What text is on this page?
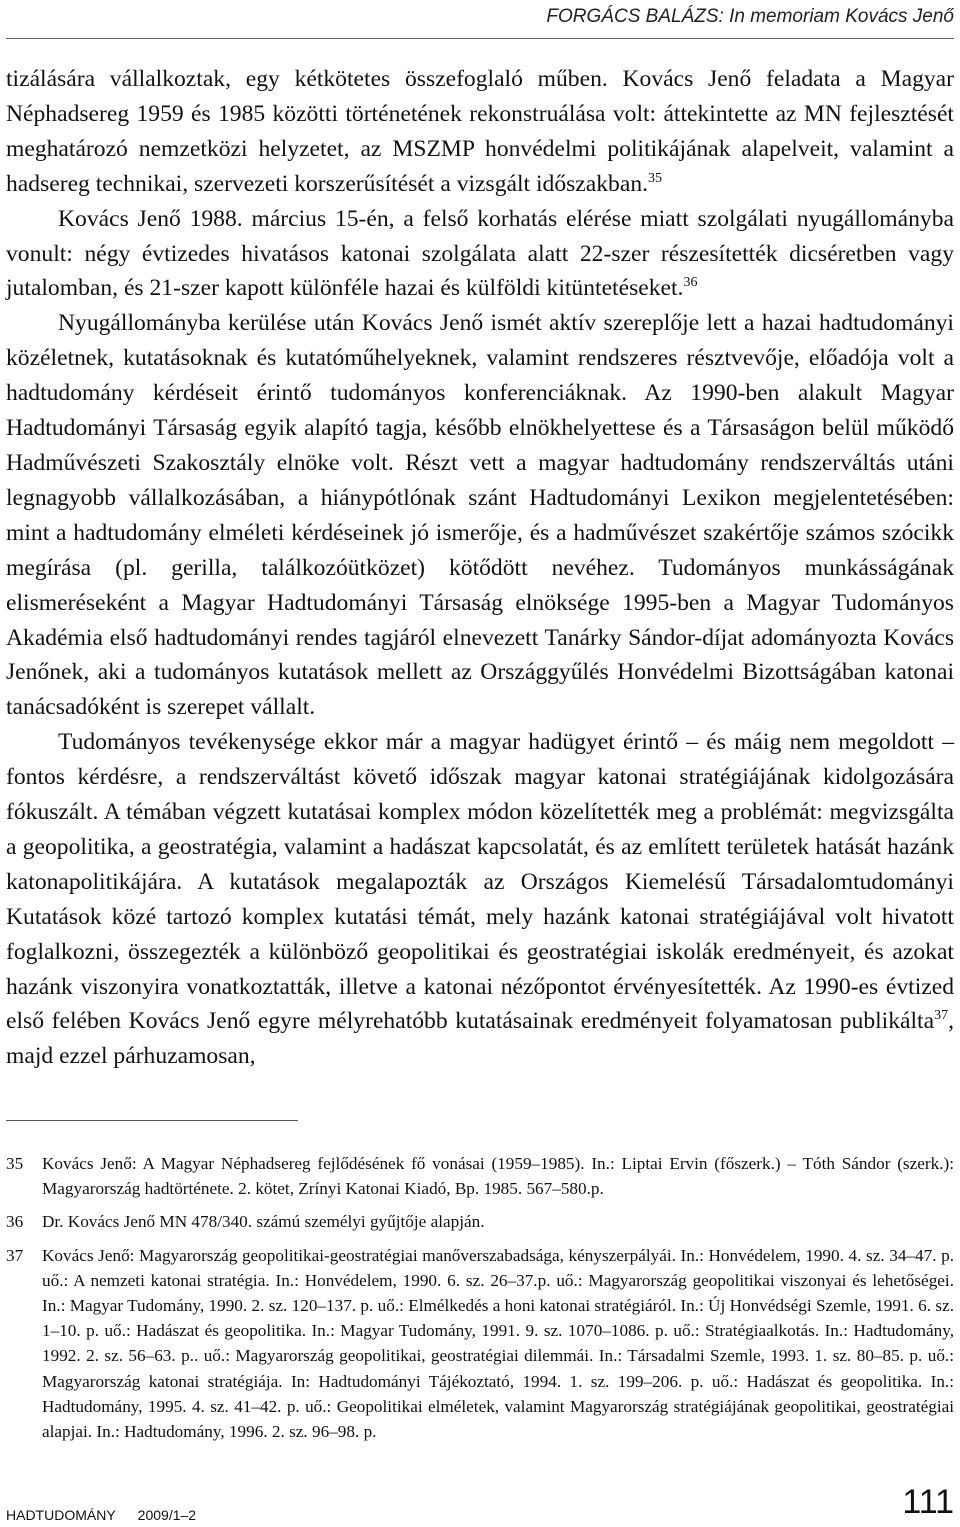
FORGÁCS BALÁZS: In memoriam Kovács Jenő

tizálására vállalkoztak, egy kétkötetes összefoglaló műben. Kovács Jenő feladata a Magyar Néphadsereg 1959 és 1985 közötti történetének rekonstruálása volt: áttekintette az MN fejlesztését meghatározó nemzetközi helyzetet, az MSZMP honvédelmi politikájának alapelveit, valamint a hadsereg technikai, szervezeti korszerűsítését a vizsgált időszakban.$^{35}$

Kovács Jenő 1988. március 15-én, a felső korhatás elérése miatt szolgálati nyugállományba vonult: négy évtizedes hivatásos katonai szolgálata alatt 22-szer részesítették dicséretben vagy jutalomban, és 21-szer kapott különféle hazai és külföldi kitüntetéseket.$^{36}$

Nyugállományba kerülése után Kovács Jenő ismét aktív szereplője lett a hazai hadtudományi közéletnek, kutatásoknak és kutatóműhelyeknek, valamint rendszeres résztvevője, előadója volt a hadtudomány kérdéseit érintő tudományos konferenciáknak. Az 1990-ben alakult Magyar Hadtudományi Társaság egyik alapító tagja, később elnökhelyettese és a Társaságon belül működő Hadművészeti Szakosztály elnöke volt. Részt vett a magyar hadtudomány rendszerváltás utáni legnagyobb vállalkozásában, a hiánypótlónak szánt Hadtudományi Lexikon megjelentetésében: mint a hadtudomány elméleti kérdéseinek jó ismerője, és a hadművészet szakértője számos szócikk megírása (pl. gerilla, találkozóütközet) kötődött nevéhez. Tudományos munkásságának elismeréseként a Magyar Hadtudományi Társaság elnöksége 1995-ben a Magyar Tudományos Akadémia első hadtudományi rendes tagjáról elnevezett Tanárky Sándor-díjat adományozta Kovács Jenőnek, aki a tudományos kutatások mellett az Országgyűlés Honvédelmi Bizottságában katonai tanácsadóként is szerepet vállalt.

Tudományos tevékenysége ekkor már a magyar hadügyet érintő – és máig nem megoldott – fontos kérdésre, a rendszerváltást követő időszak magyar katonai stratégiájának kidolgozására fókuszált. A témában végzett kutatásai komplex módon közelítették meg a problémát: megvizsgálta a geopolitika, a geostratégia, valamint a hadászat kapcsolatát, és az említett területek hatását hazánk katonapolitikájára. A kutatások megalapozták az Országos Kiemelésű Társadalomtudományi Kutatások közé tartozó komplex kutatási témát, mely hazánk katonai stratégiájával volt hivatott foglalkozni, összegezték a különböző geopolitikai és geostratégiai iskolák eredményeit, és azokat hazánk viszonyira vonatkoztatták, illetve a katonai nézőpontot érvényesítették. Az 1990-es évtized első felében Kovács Jenő egyre mélyrehatóbb kutatásainak eredményeit folyamatosan publikálta$^{37}$, majd ezzel párhuzamosan,

35	Kovács Jenő: A Magyar Néphadsereg fejlődésének fő vonásai (1959–1985). In.: Liptai Ervin (főszerk.) – Tóth Sándor (szerk.): Magyarország hadtörténete. 2. kötet, Zrínyi Katonai Kiadó, Bp. 1985. 567–580.p.
36	Dr. Kovács Jenő MN 478/340. számú személyi gyűjtője alapján.
37	Kovács Jenő: Magyarország geopolitikai-geostratégiai manőverszabadsága, kényszerpályái. In.: Honvédelem, 1990. 4. sz. 34–47. p. uő.: A nemzeti katonai stratégia. In.: Honvédelem, 1990. 6. sz. 26–37.p. uő.: Magyarország geopolitikai viszonyai és lehetőségei. In.: Magyar Tudomány, 1990. 2. sz. 120–137. p. uő.: Elmélkedés a honi katonai stratégiáról. In.: Új Honvédségi Szemle, 1991. 6. sz. 1–10. p. uő.: Hadászat és geopolitika. In.: Magyar Tudomány, 1991. 9. sz. 1070–1086. p. uő.: Stratégiaalkotás. In.: Hadtudomány, 1992. 2. sz. 56–63. p.. uő.: Magyarország geopolitikai, geostratégiai dilemmái. In.: Társadalmi Szemle, 1993. 1. sz. 80–85. p. uő.: Magyarország katonai stratégiája. In: Hadtudományi Tájékoztató, 1994. 1. sz. 199–206. p. uő.: Hadászat és geopolitika. In.: Hadtudomány, 1995. 4. sz. 41–42. p. uő.: Geopolitikai elméletek, valamint Magyarország stratégiájának geopolitikai, geostratégiai alapjai. In.: Hadtudomány, 1996. 2. sz. 96–98. p.
HADTUDOMÁNY 2009/1–2	111
